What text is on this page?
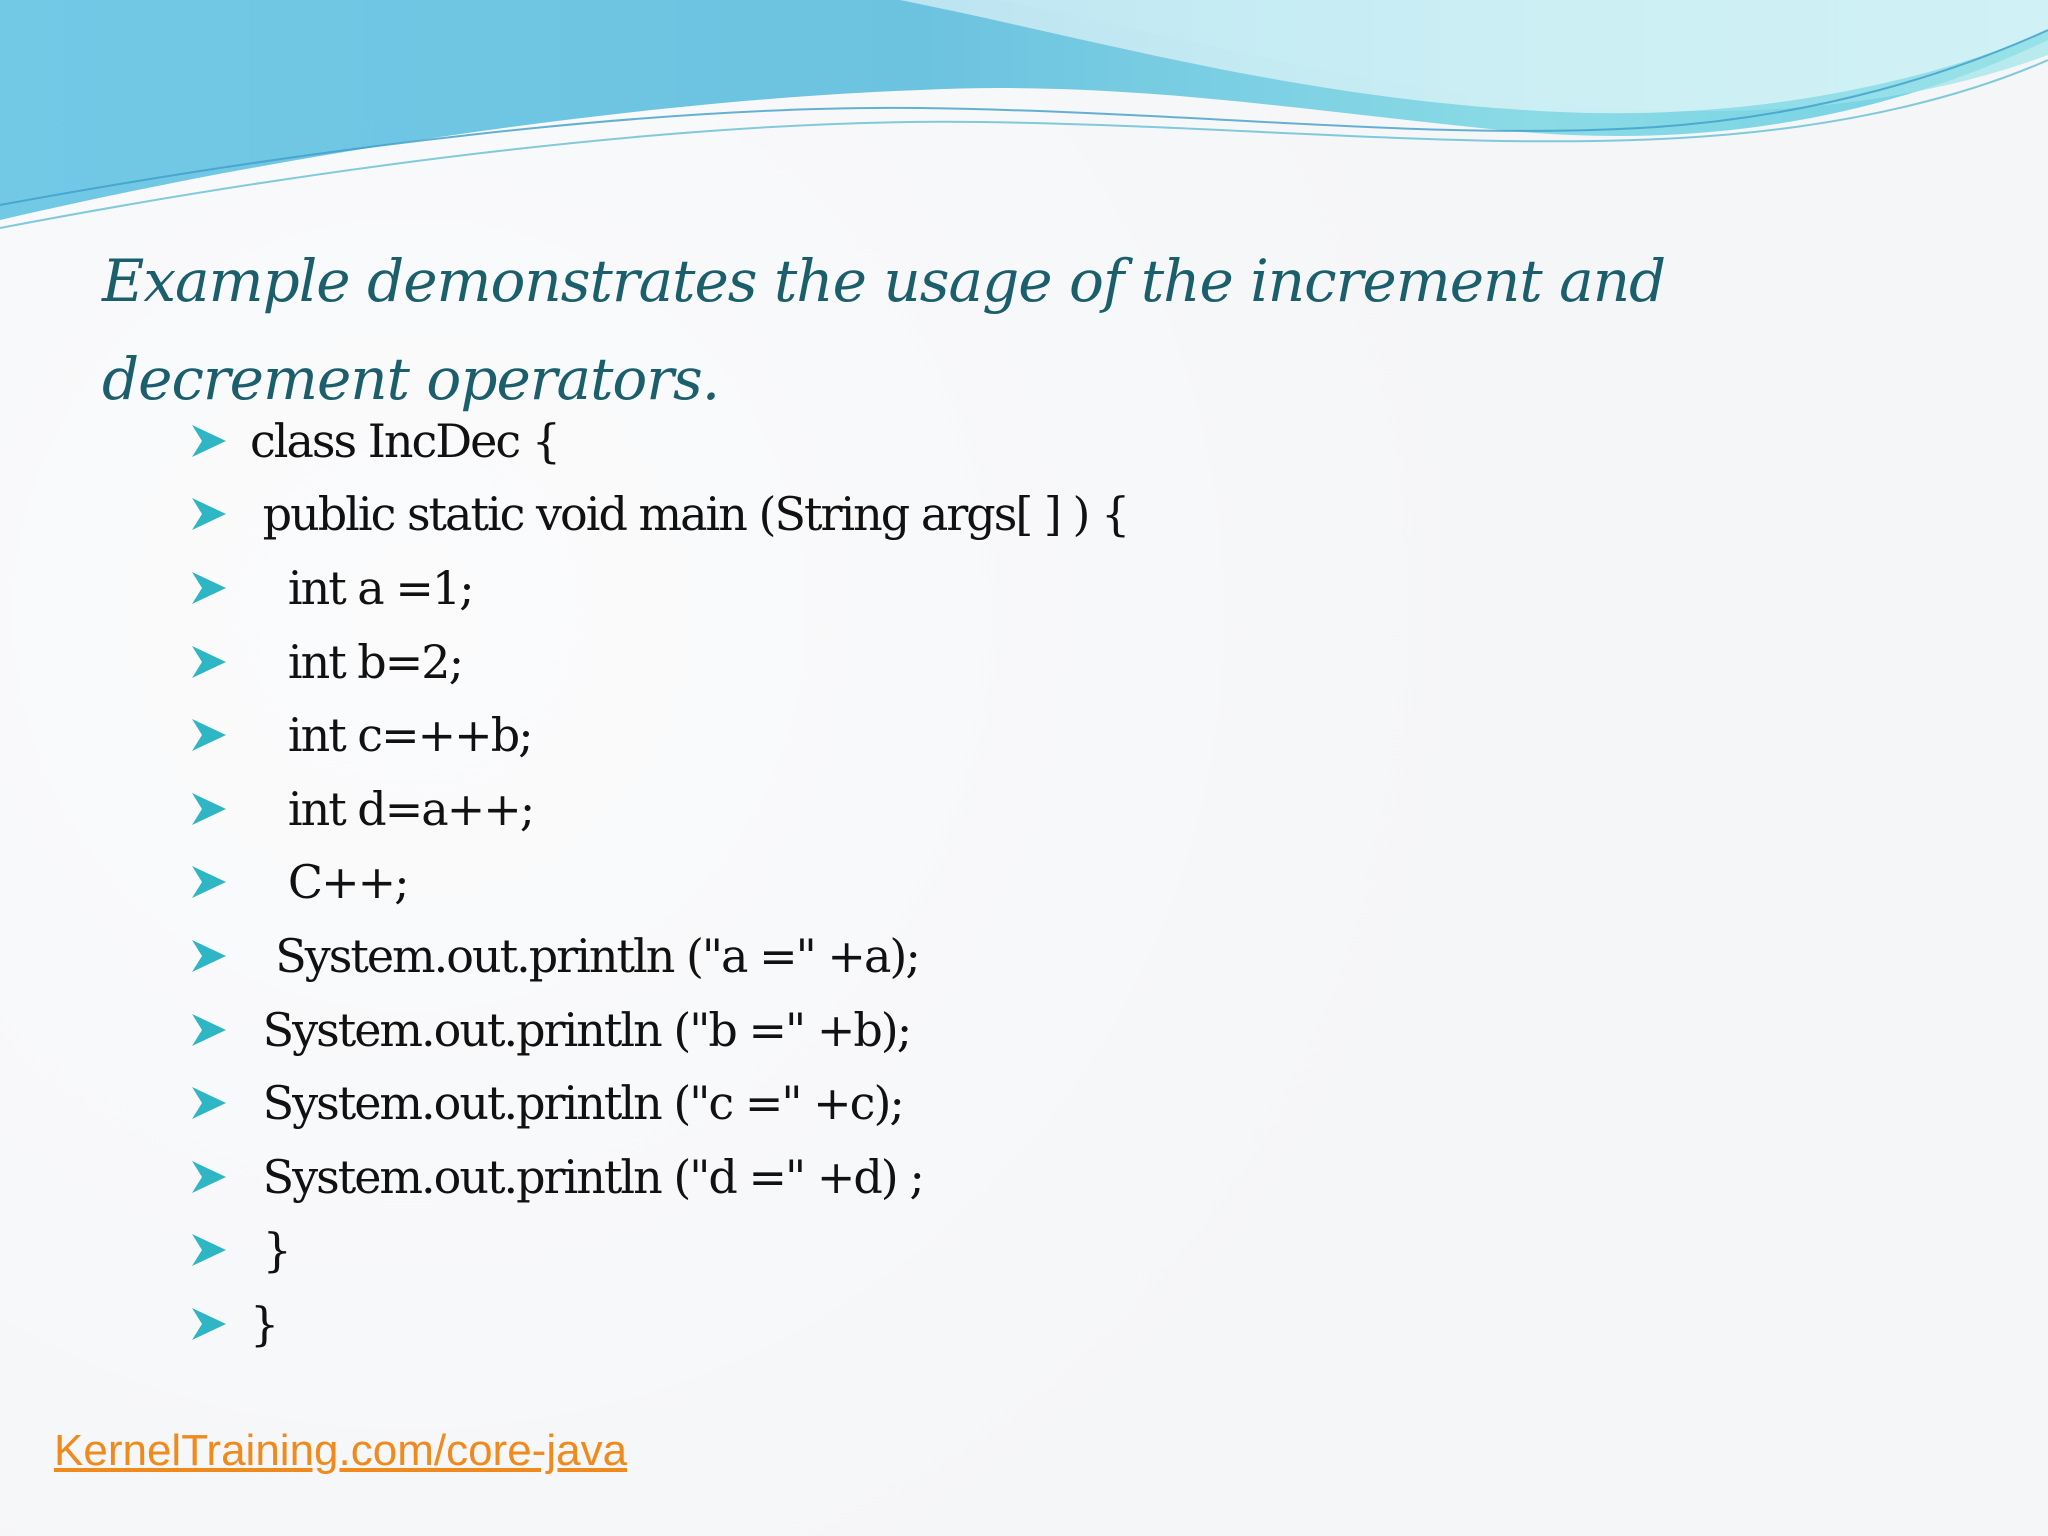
Example demonstrates the usage of the increment and decrement operators.
class IncDec {
public static void main (String args[ ] ) {
int a =1;
int b=2;
int c=++b;
int d=a++;
C++;
System.out.println ("a =" +a);
System.out.println ("b =" +b);
System.out.println ("c =" +c);
System.out.println ("d =" +d) ;
}
}
KernelTraining.com/core-java
